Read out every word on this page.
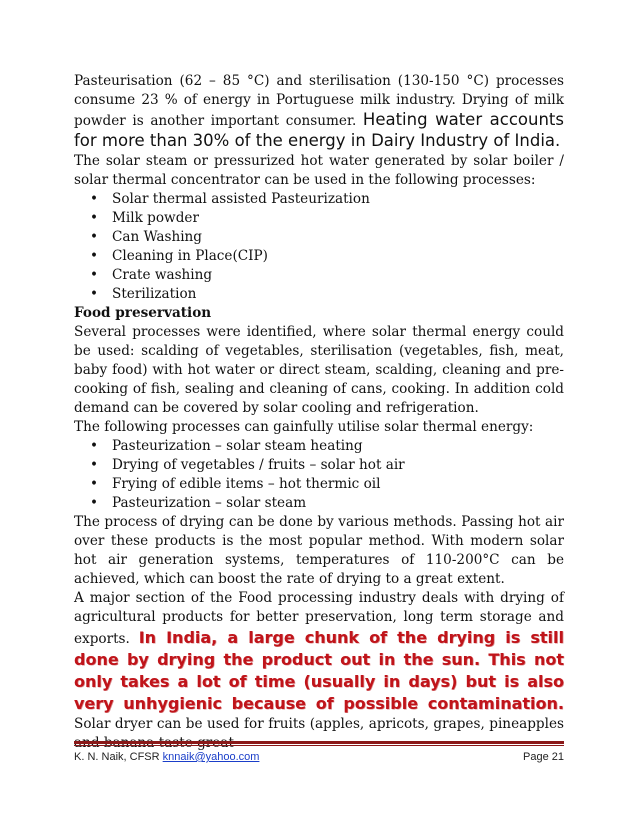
Pasteurisation (62 – 85 °C) and sterilisation (130-150 °C) processes consume 23 % of energy in Portuguese milk industry. Drying of milk powder is another important consumer. Heating water accounts for more than 30% of the energy in Dairy Industry of India.

The solar steam or pressurized hot water generated by solar boiler / solar thermal concentrator can be used in the following processes:

• Solar thermal assisted Pasteurization
• Milk powder
• Can Washing
• Cleaning in Place(CIP)
• Crate washing
• Sterilization

Food preservation

Several processes were identified, where solar thermal energy could be used: scalding of vegetables, sterilisation (vegetables, fish, meat, baby food) with hot water or direct steam, scalding, cleaning and pre-cooking of fish, sealing and cleaning of cans, cooking. In addition cold demand can be covered by solar cooling and refrigeration.

The following processes can gainfully utilise solar thermal energy:

• Pasteurization – solar steam heating
• Drying of vegetables / fruits – solar hot air
• Frying of edible items – hot thermic oil
• Pasteurization – solar steam

The process of drying can be done by various methods. Passing hot air over these products is the most popular method. With modern solar hot air generation systems, temperatures of 110-200°C can be achieved, which can boost the rate of drying to a great extent.

A major section of the Food processing industry deals with drying of agricultural products for better preservation, long term storage and exports. In India, a large chunk of the drying is still done by drying the product out in the sun. This not only takes a lot of time (usually in days) but is also very unhygienic because of possible contamination. Solar dryer can be used for fruits (apples, apricots, grapes, pineapples

K. N. Naik, CFSR knnaik@yahoo.com	Page 21
